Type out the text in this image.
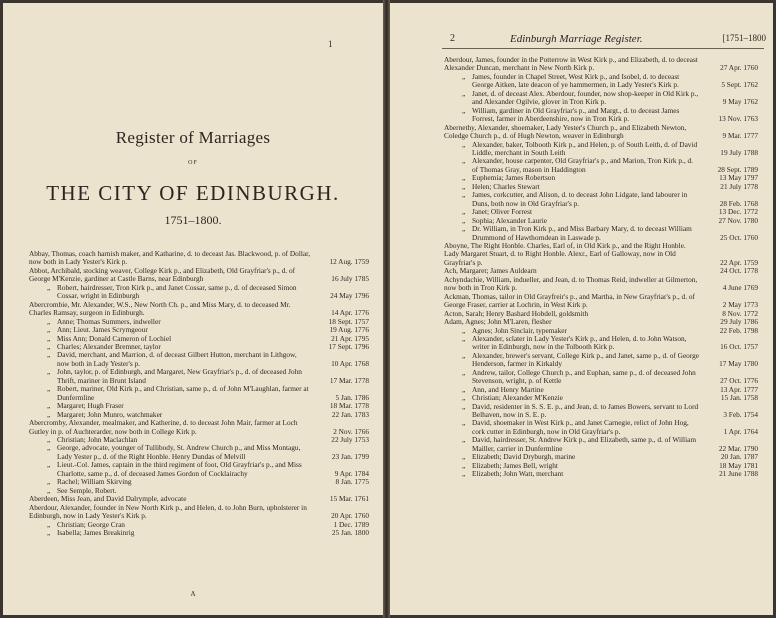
1
Register of Marriages
OF
THE CITY OF EDINBURGH.
1751–1800.
Abbay, Thomas, coach harnish maker, and Katharine, d. to deceast Jas. Blackwood, p. of Dollar, now both in Lady Yester's Kirk p.	12 Aug. 1759
Abbot, Archibald, stocking weaver, College Kirk p., and Elizabeth, Old Grayfriar's p., d. of George M'Kenzie, gardiner at Castle Barns, near Edinburgh	16 July 1785
„ Robert, hairdresser, Tron Kirk p., and Janet Cossar, same p., d. of deceased Simon Cossar, wright in Edinburgh	24 May 1796
Abercrombie, Mr. Alexander, W.S., New North Ch. p., and Miss Mary, d. to deceased Mr. Charles Ramsay, surgeon in Edinburgh.	14 Apr. 1776
„ Anne; Thomas Summers, indweller	18 Sept. 1757
„ Ann; Lieut. James Scrymgeour	19 Aug. 1776
„ Miss Ann; Donald Cameron of Lochiel	21 Apr. 1795
„ Charles; Alexander Bremner, taylor	17 Sept. 1796
„ David, merchant, and Marrion, d. of deceast Gilbert Hutton, merchant in Lithgow, now both in Lady Yester's p.	10 Apr. 1768
„ John, taylor, p. of Edinburgh, and Margaret, New Grayfriar's p., d. of deceased John Thrift, mariner in Brunt Island	17 Mar. 1778
„ Robert, mariner, Old Kirk p., and Christian, same p., d. of John M'Laughlan, farmer at Dunfermline	5 Jan. 1786
„ Margaret; Hugh Fraser	18 Mar. 1778
„ Margaret; John Munro, watchmaker	22 Jan. 1783
Abercromby, Alexander, mealmaker, and Katherine, d. to deceast John Mair, farmer at Loch Gutley in p. of Auchterarder, now both in College Kirk p.	2 Nov. 1766
„ Christian; John Maclachlan	22 July 1753
„ George, advocate, younger of Tullibody, St. Andrew Church p., and Miss Montagu, Lady Yester p., d. of the Right Honble. Henry Dundas of Melvill	23 Jan. 1799
„ Lieut.-Col. James, captain in the third regiment of foot, Old Grayfriar's p., and Miss Charlotte, same p., d. of deceased James Gordon of Cocklairachy	9 Apr. 1784
„ Rachel; William Skirving	8 Jan. 1775
„ See Semple, Robert.
Aberdeen, Miss Jean, and David Dalrymple, advocate	15 Mar. 1761
Aberdour, Alexander, founder in New North Kirk p., and Helen, d. to John Burn, upholsterer in Edinburgh, now in Lady Yester's Kirk p.	20 Apr. 1760
„ Christian; George Cran	1 Dec. 1789
„ Isabella; James Breakinrig	25 Jan. 1800
A
2	Edinburgh Marriage Register.	[1751–1800
Aberdour, James, founder in the Potterrow in West Kirk p., and Elizabeth, d. to deceast Alexander Duncan, merchant in New North Kirk p.	27 Apr. 1760
„ James, founder in Chapel Street, West Kirk p., and Isobel, d. to deceast George Aitken, late deacon of ye hammermen, in Lady Yester's Kirk p.	5 Sept. 1762
„ Janet, d. of deceast Alex. Aberdour, founder, now shop-keeper in Old Kirk p., and Alexander Ogilvie, glover in Tron Kirk p.	9 May 1762
„ William, gardiner in Old Grayfriar's p., and Margt., d. to deceast James Forrest, farmer in Aberdeenshire, now in Tron Kirk p.	13 Nov. 1763
Abernethy, Alexander, shoemaker, Lady Yester's Church p., and Elizabeth Newton, Coledge Church p., d. of Hugh Newton, weaver in Edinburgh	9 Mar. 1777
„ Alexander, baker, Tolbooth Kirk p., and Helen, p. of South Leith, d. of David Liddle, merchant in South Leith	19 July 1788
„ Alexander, house carpenter, Old Grayfriar's p., and Marion, Tron Kirk p., d. of Thomas Gray, mason in Haddington	28 Sept. 1789
„ Euphemia; James Robertson	13 May 1797
„ Helen; Charles Stewart	21 July 1778
„ James, corkcutter, and Alison, d. to deceast John Lidgate, land labourer in Duns, both now in Old Grayfriar's p.	28 Feb. 1768
„ Janet; Oliver Forrest	13 Dec. 1772
„ Sophia; Alexander Laurie	27 Nov. 1780
„ Dr. William, in Tron Kirk p., and Miss Barbary Mary, d. to deceast William Drummond of Hawthorndean in Laswade p.	25 Oct. 1760
Aboyne, The Right Honble. Charles, Earl of, in Old Kirk p., and the Right Honble. Lady Margaret Stuart, d. to Right Honble. Alexr., Earl of Galloway, now in Old Grayfriar's p.	22 Apr. 1759
Ach, Margaret; James Auldearn	24 Oct. 1778
Achyndachie, William, indueller, and Jean, d. to Thomas Reid, indweller at Gilmerton, now both in Tron Kirk p.	4 June 1769
Ackman, Thomas, tailor in Old Grayfreir's p., and Martha, in New Grayfriar's p., d. of George Fraser, carrier at Lochrin, in West Kirk p.	2 May 1773
Acton, Sarah; Henry Bashard Hobdell, goldsmith	8 Nov. 1772
Adam, Agnes; John M'Laren, flesher	29 July 1786
„ Agnes; John Sinclair, typemaker	22 Feb. 1798
„ Alexander, sclater in Lady Yester's Kirk p., and Helen, d. to John Watson, writer in Edinburgh, now in the Tolbooth Kirk p.	16 Oct. 1757
„ Alexander, brewer's servant, College Kirk p., and Janet, same p., d. of George Henderson, farmer in Kirkaldy	17 May 1780
„ Andrew, tailor, College Church p., and Euphan, same p., d. of deceased John Stevenson, wright, p. of Kettle	27 Oct. 1776
„ Ann, and Henry Martine	13 Apr. 1777
„ Christian; Alexander M'Kenzie	15 Jan. 1758
„ David, residenter in S. S. E. p., and Jean, d. to James Bowers, servant to Lord Belhaven, now in S. E. p.	3 Feb. 1754
„ David, shoemaker in West Kirk p., and Janet Carnegie, relict of John Hog, cork cutter in Edinburgh, now in Old Grayfriar's p.	1 Apr. 1764
„ David, hairdresser, St. Andrew Kirk p., and Elizabeth, same p., d. of William Mailler, carrier in Dunfermline	22 Mar. 1790
„ Elizabeth; David Dryburgh, marine	20 Jan. 1787
„ Elizabeth; James Bell, wright	18 May 1781
„ Elizabeth; John Watt, merchant	21 June 1788
